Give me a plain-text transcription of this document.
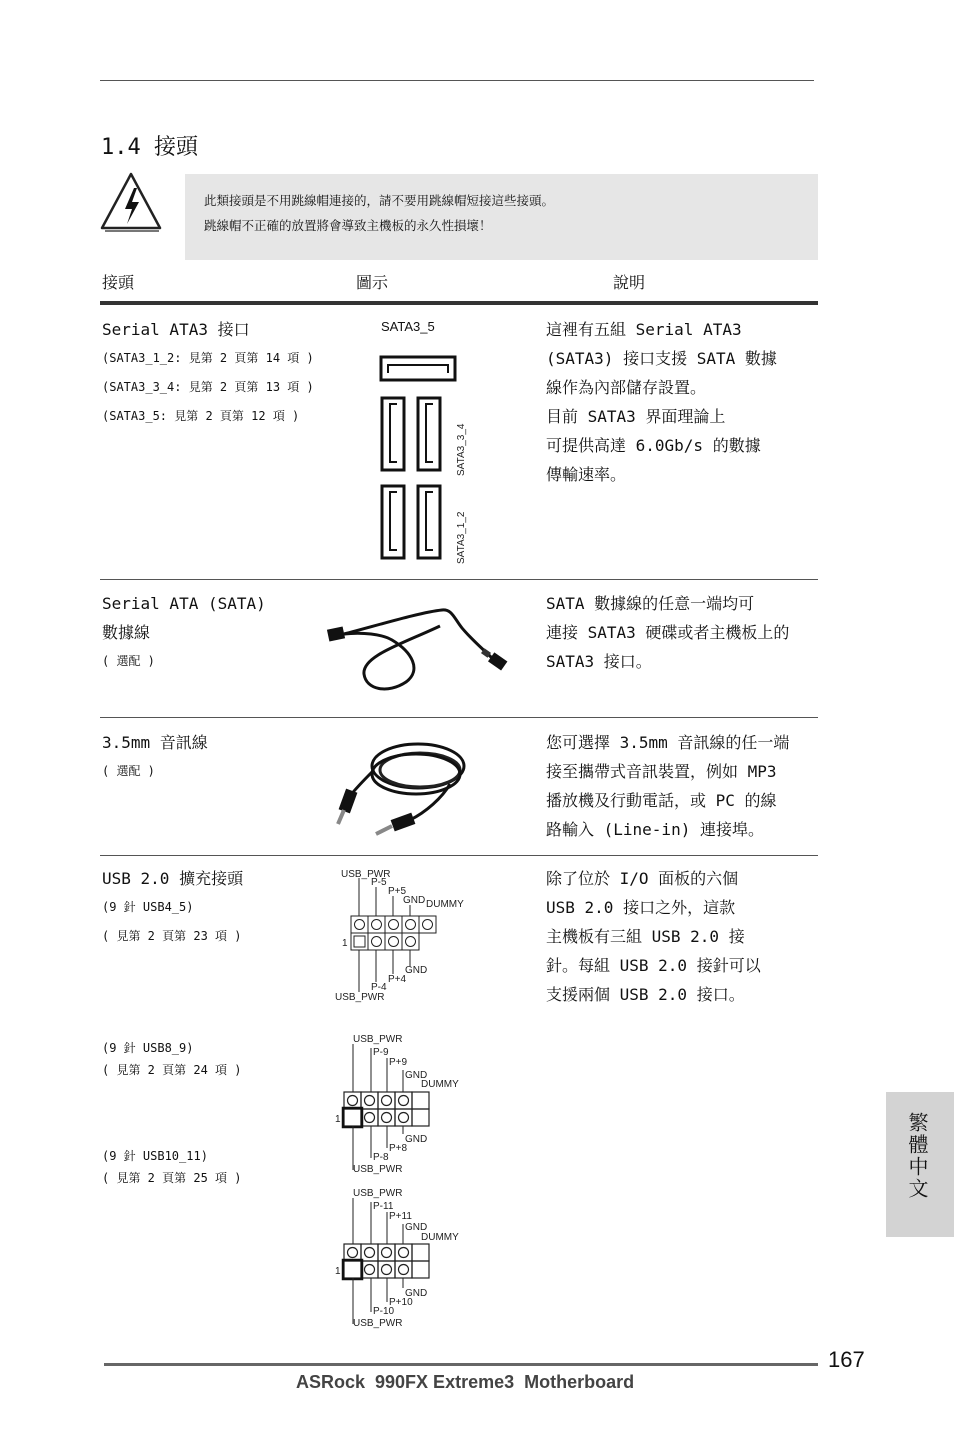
1.4 接頭
此類接頭是不用跳線帽連接的，請不要用跳線帽短接這些接頭。
跳線帽不正確的放置將會導致主機板的永久性損壞！
接頭	圖示	說明
Serial ATA3 接口
(SATA3_1_2: 見第 2 頁第 14 項 )
(SATA3_3_4: 見第 2 頁第 13 項 )
(SATA3_5: 見第 2 頁第 12 項 )
SATA3_5
SATA3_3_4
SATA3_1_2
這裡有五組 Serial ATA3
(SATA3) 接口支援 SATA 數據
線作為內部儲存設置。
目前 SATA3 界面理論上
可提供高達 6.0Gb/s 的數據
傳輸速率。
Serial ATA (SATA)
數據線
( 選配 )
SATA 數據線的任意一端均可
連接 SATA3 硬碟或者主機板上的
SATA3 接口。
3.5mm 音訊線
( 選配 )
您可選擇 3.5mm 音訊線的任一端
接至攜帶式音訊裝置，例如 MP3
播放機及行動電話，或 PC 的線
路輸入 (Line-in) 連接埠。
USB 2.0 擴充接頭
(9 針 USB4_5)
( 見第 2 頁第 23 項 )
除了位於 I/O 面板的六個
USB 2.0 接口之外，這款
主機板有三組 USB 2.0 接
針。每組 USB 2.0 接針可以
支援兩個 USB 2.0 接口。
USB_PWR
P-5
P+5
GND DUMMY
1
GND
P+4
P-4
USB_PWR
(9 針 USB8_9)
( 見第 2 頁第 24 項 )
(9 針 USB10_11)
( 見第 2 頁第 25 項 )
USB_PWR
P-9
P+9
GND
DUMMY
1
GND
P+8
P-8
USB_PWR
USB_PWR
P-11
P+11
GND
DUMMY
1
GND
P+10
P-10
USB_PWR
繁體中文
167
ASRock  990FX Extreme3  Motherboard
